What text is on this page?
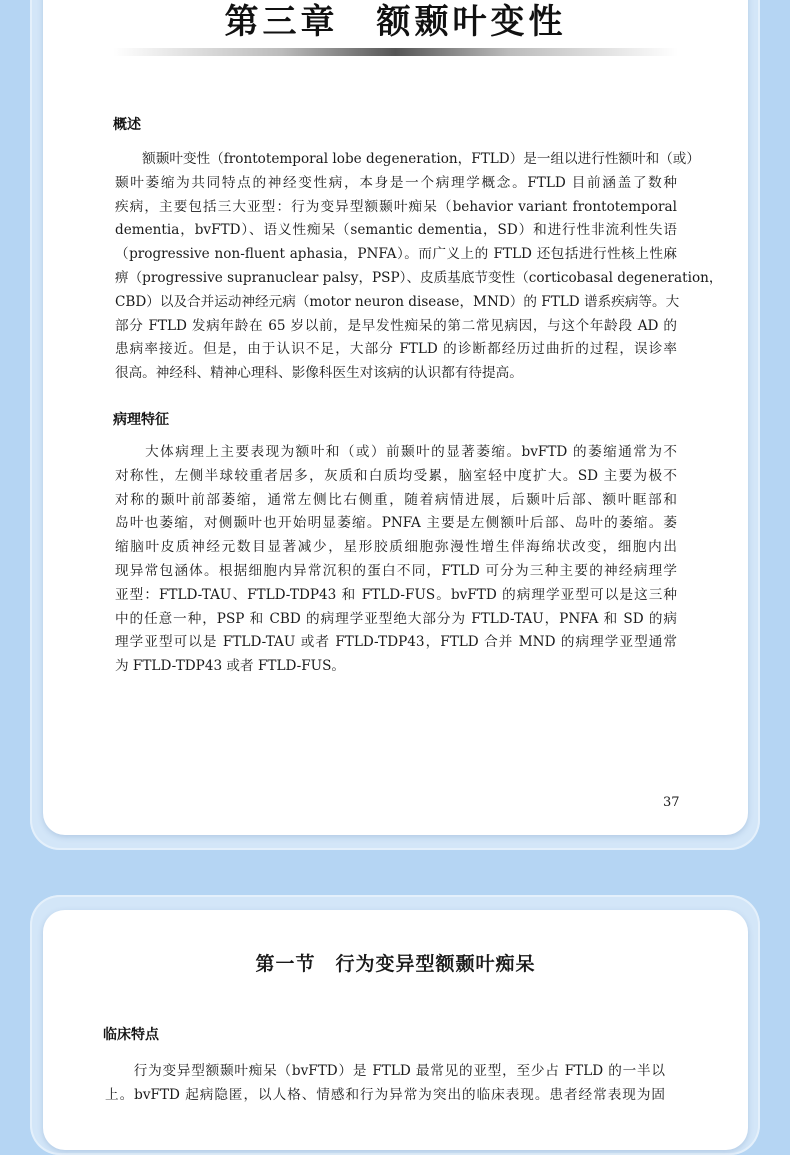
第三章　额颞叶变性
概述
　　额颞叶变性（frontotemporal lobe degeneration，FTLD）是一组以进行性额叶和（或）
颞叶萎缩为共同特点的神经变性病，本身是一个病理学概念。FTLD 目前涵盖了数种
疾病，主要包括三大亚型：行为变异型额颞叶痴呆（behavior variant frontotemporal
dementia，bvFTD）、语义性痴呆（semantic dementia，SD）和进行性非流利性失语
（progressive non-fluent aphasia，PNFA）。而广义上的 FTLD 还包括进行性核上性麻
痹（progressive supranuclear palsy，PSP）、皮质基底节变性（corticobasal degeneration，
CBD）以及合并运动神经元病（motor neuron disease，MND）的 FTLD 谱系疾病等。大
部分 FTLD 发病年龄在 65 岁以前，是早发性痴呆的第二常见病因，与这个年龄段 AD 的
患病率接近。但是，由于认识不足，大部分 FTLD 的诊断都经历过曲折的过程，误诊率
很高。神经科、精神心理科、影像科医生对该病的认识都有待提高。
病理特征
　　大体病理上主要表现为额叶和（或）前颞叶的显著萎缩。bvFTD 的萎缩通常为不
对称性，左侧半球较重者居多，灰质和白质均受累，脑室轻中度扩大。SD 主要为极不
对称的颞叶前部萎缩，通常左侧比右侧重，随着病情进展，后颞叶后部、额叶眶部和
岛叶也萎缩，对侧颞叶也开始明显萎缩。PNFA 主要是左侧额叶后部、岛叶的萎缩。萎
缩脑叶皮质神经元数目显著减少，星形胶质细胞弥漫性增生伴海绵状改变，细胞内出
现异常包涵体。根据细胞内异常沉积的蛋白不同，FTLD 可分为三种主要的神经病理学
亚型：FTLD-TAU、FTLD-TDP43 和 FTLD-FUS。bvFTD 的病理学亚型可以是这三种
中的任意一种，PSP 和 CBD 的病理学亚型绝大部分为 FTLD-TAU，PNFA 和 SD 的病
理学亚型可以是 FTLD-TAU 或者 FTLD-TDP43，FTLD 合并 MND 的病理学亚型通常
为 FTLD-TDP43 或者 FTLD-FUS。
37
第一节　行为变异型额颞叶痴呆
临床特点
　　行为变异型额颞叶痴呆（bvFTD）是 FTLD 最常见的亚型，至少占 FTLD 的一半以
上。bvFTD 起病隐匿，以人格、情感和行为异常为突出的临床表现。患者经常表现为固
